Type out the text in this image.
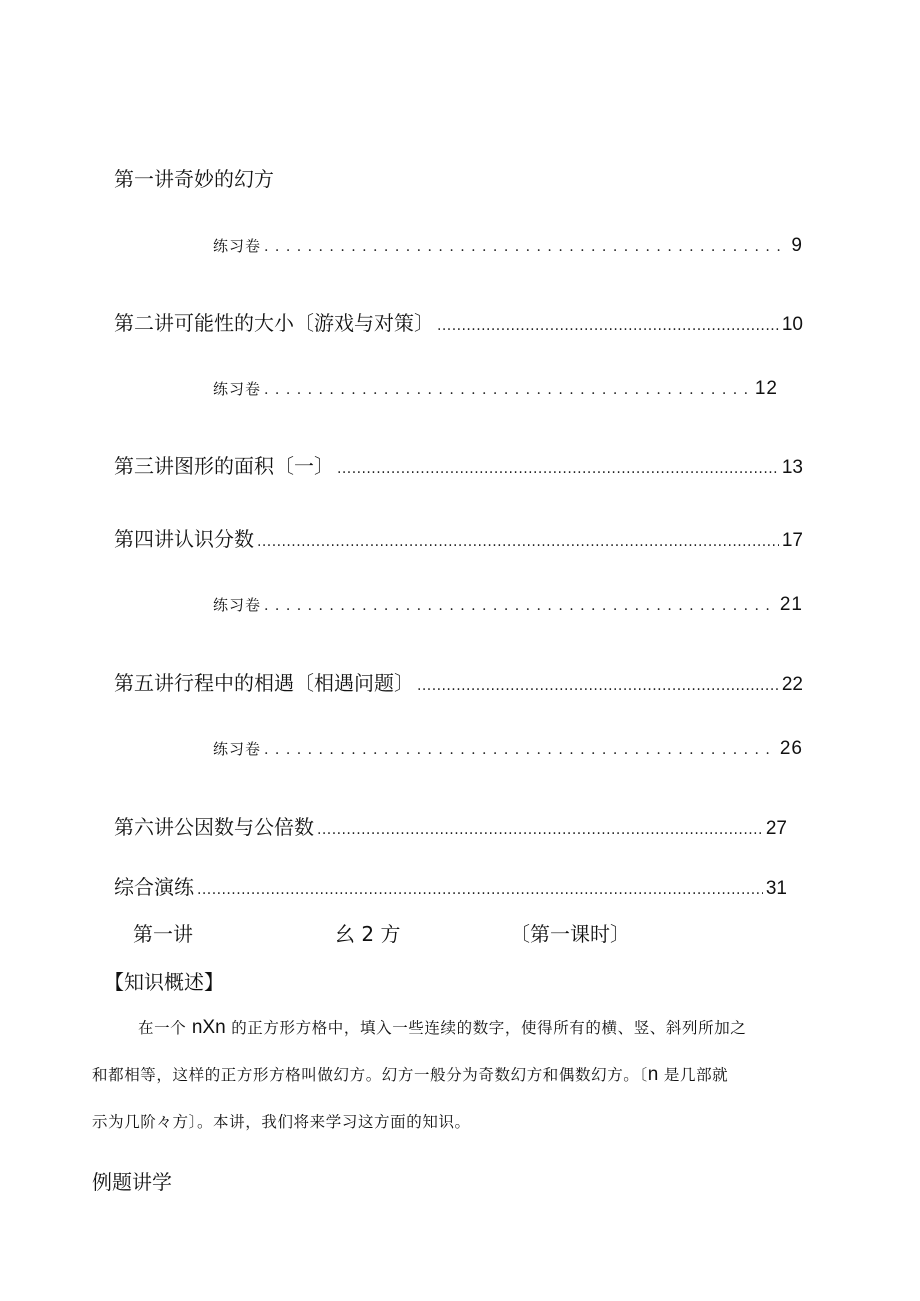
第一讲奇妙的幻方
练习卷 . . .	9
第二讲可能性的大小〔游戏与对策〕 . . .	10
练习卷 . . .	12
第三讲图形的面积〔一〕 . . .	13
第四讲认识分数 . . .	17
练习卷 . . .	21
第五讲行程中的相遇〔相遇问题〕 . . .	22
练习卷 . . .	26
第六讲公因数与公倍数 . . .	27
综合演练 . . .	31
第一讲	幺 2 方	〔第一课时〕
【知识概述】
在一个 nXn 的正方形方格中，填入一些连续的数字，使得所有的横、竖、斜列所加之
和都相等，这样的正方形方格叫做幻方。幻方一般分为奇数幻方和偶数幻方。〔n 是几部就
示为几阶々方〕。本讲，我们将来学习这方面的知识。
例题讲学
